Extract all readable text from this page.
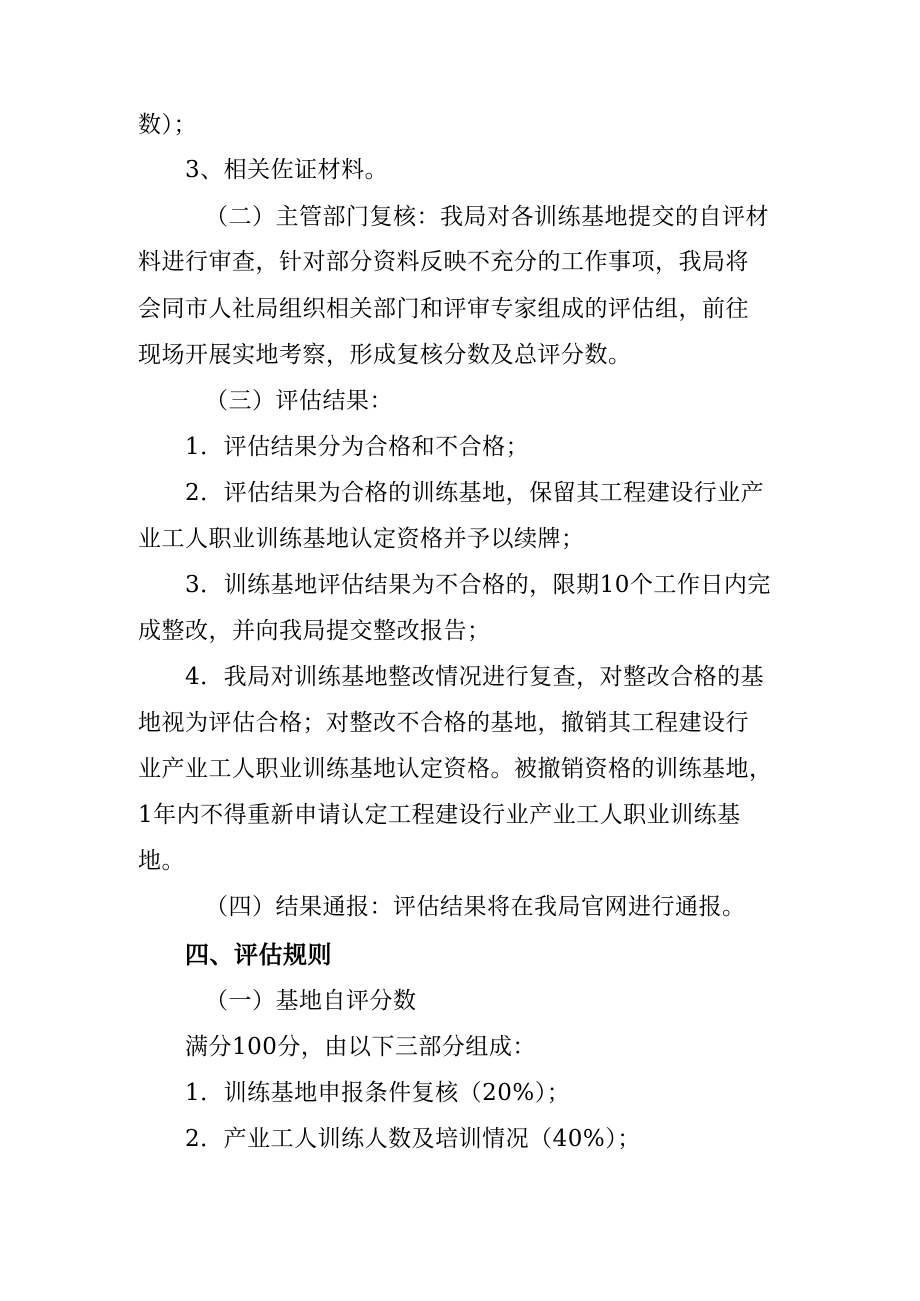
数）；
3、相关佐证材料。
（二）主管部门复核：我局对各训练基地提交的自评材
料进行审查，针对部分资料反映不充分的工作事项，我局将
会同市人社局组织相关部门和评审专家组成的评估组，前往
现场开展实地考察，形成复核分数及总评分数。
（三）评估结果：
1．评估结果分为合格和不合格；
2．评估结果为合格的训练基地，保留其工程建设行业产
业工人职业训练基地认定资格并予以续牌；
3．训练基地评估结果为不合格的，限期10个工作日内完
成整改，并向我局提交整改报告；
4．我局对训练基地整改情况进行复查，对整改合格的基
地视为评估合格；对整改不合格的基地，撤销其工程建设行
业产业工人职业训练基地认定资格。被撤销资格的训练基地，
1年内不得重新申请认定工程建设行业产业工人职业训练基
地。
（四）结果通报：评估结果将在我局官网进行通报。
四、评估规则
（一）基地自评分数
满分100分，由以下三部分组成：
1．训练基地申报条件复核（20%）；
2．产业工人训练人数及培训情况（40%）；
